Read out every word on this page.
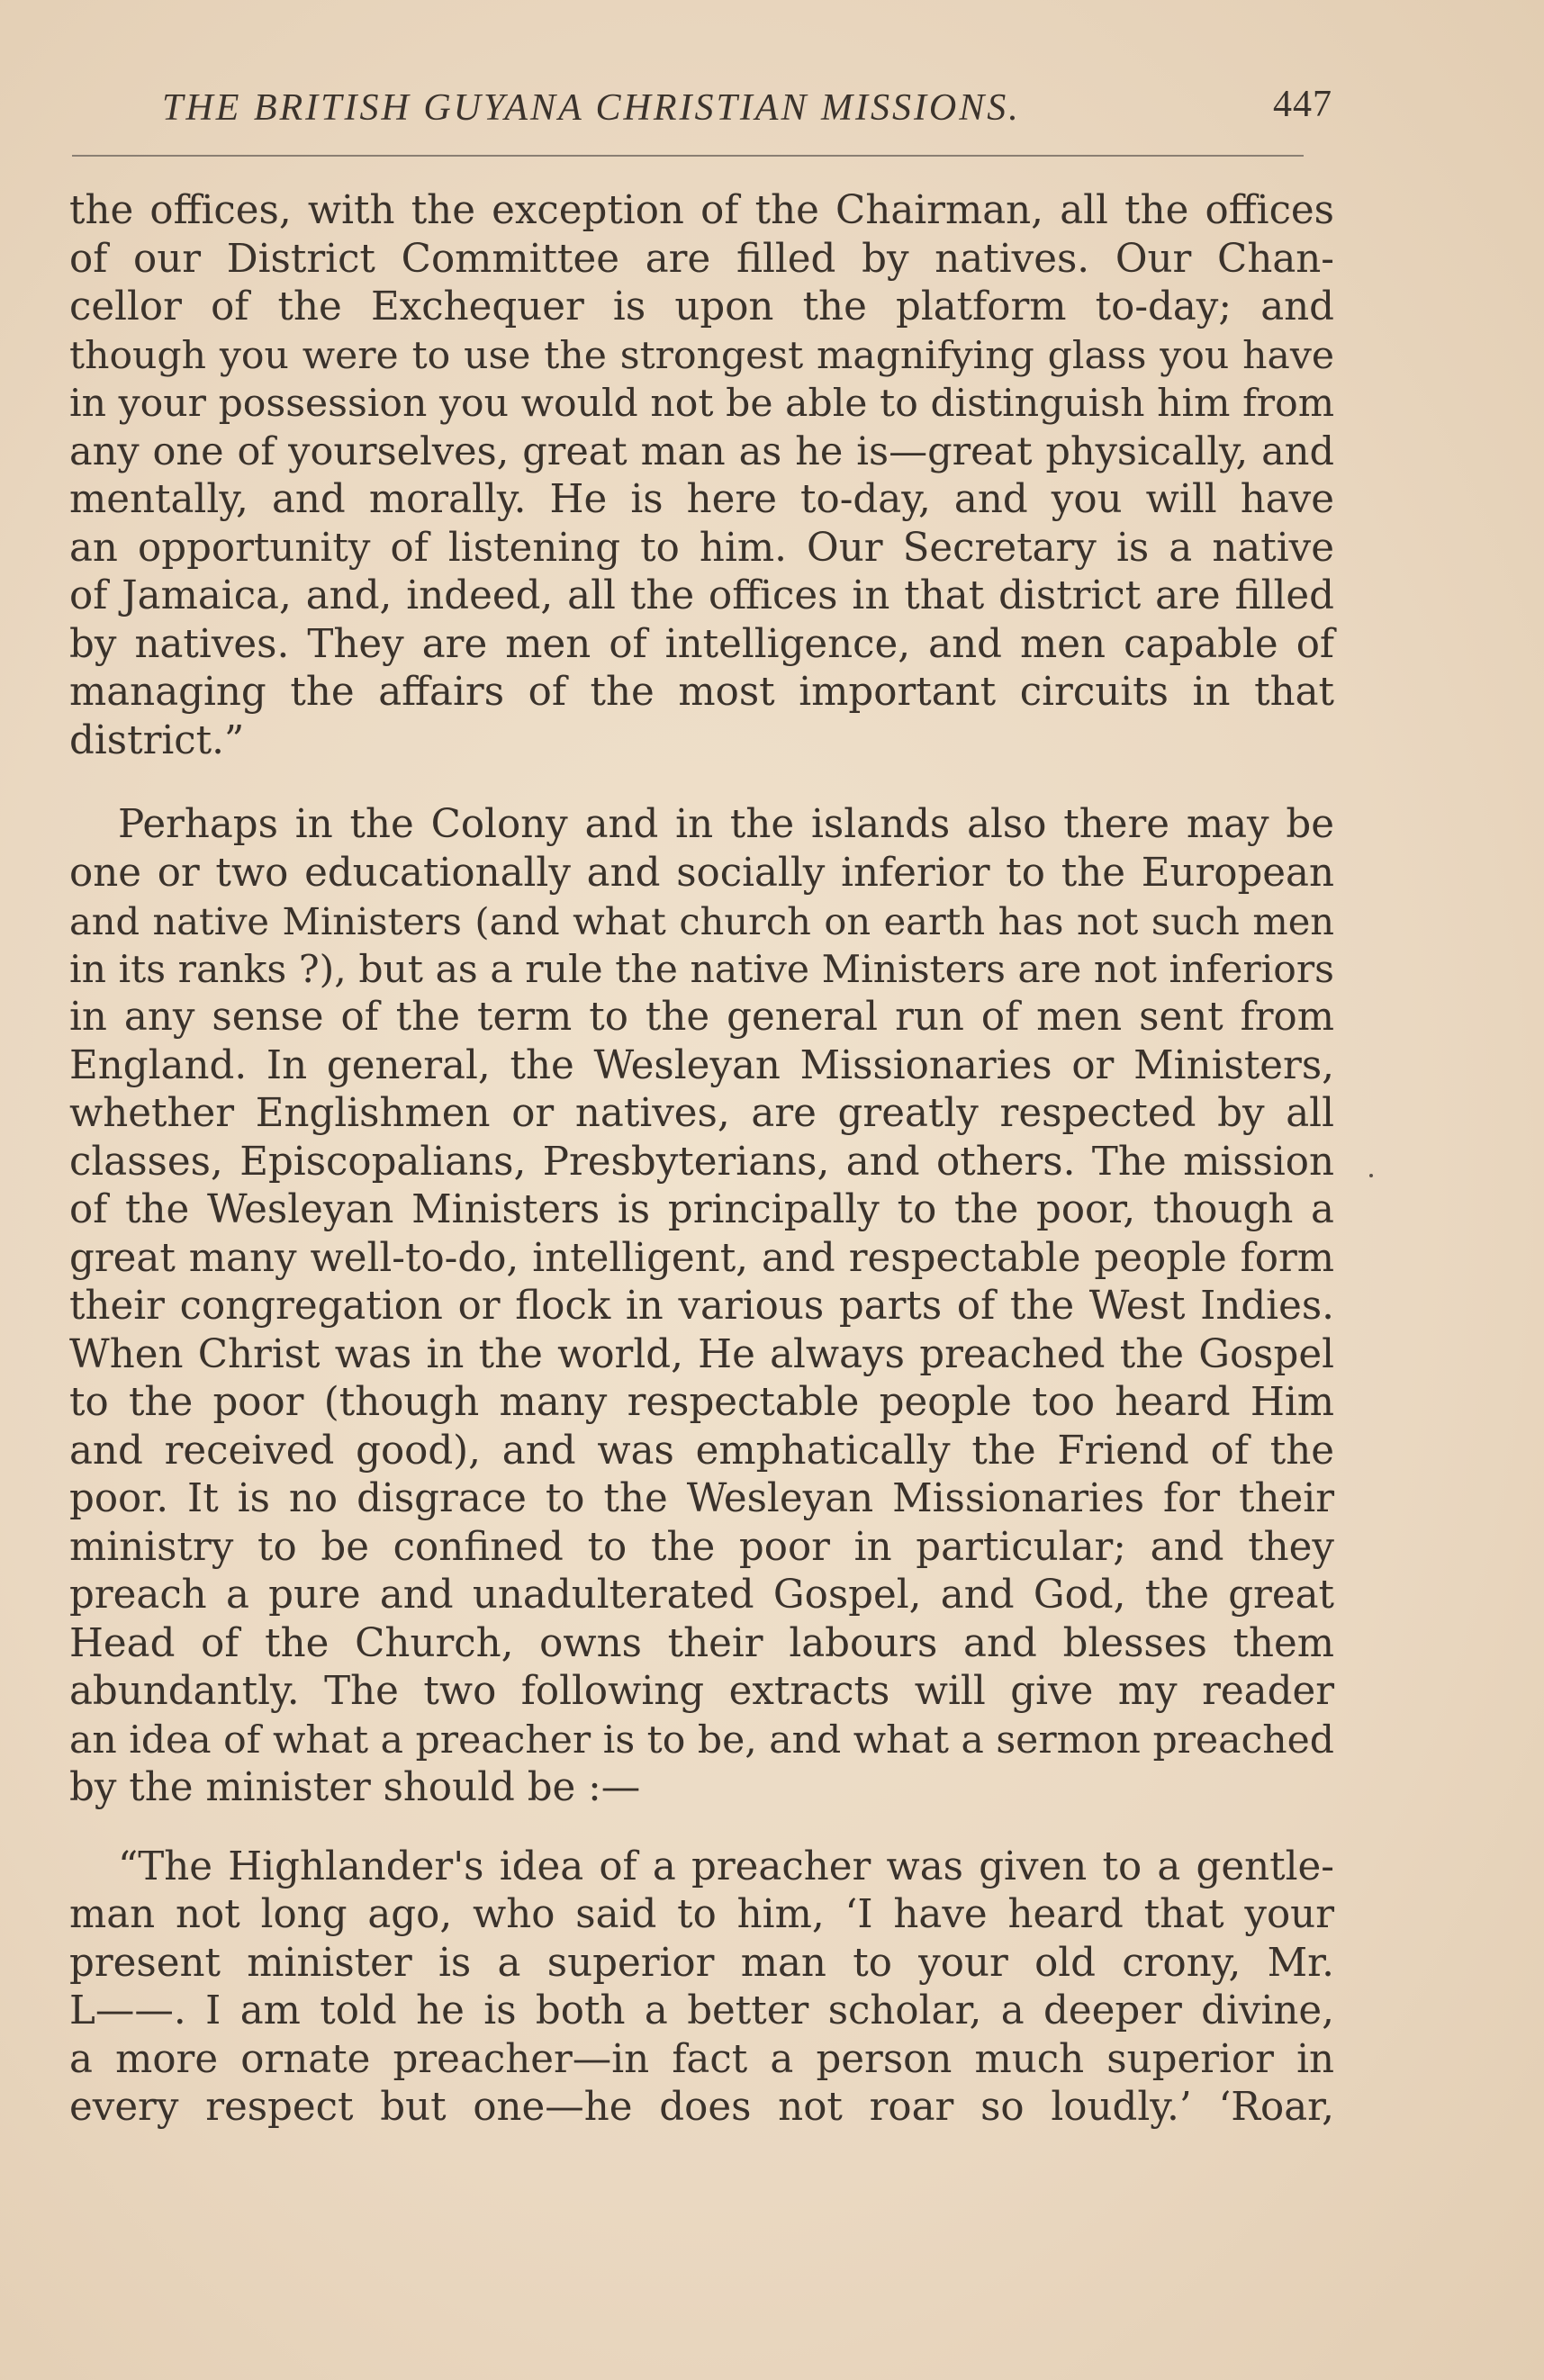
THE BRITISH GUYANA CHRISTIAN MISSIONS.	447
the offices, with the exception of the Chairman, all the offices
of our District Committee are filled by natives. Our Chan-
cellor of the Exchequer is upon the platform to-day; and
though you were to use the strongest magnifying glass you have
in your possession you would not be able to distinguish him from
any one of yourselves, great man as he is—great physically, and
mentally, and morally. He is here to-day, and you will have
an opportunity of listening to him. Our Secretary is a native
of Jamaica, and, indeed, all the offices in that district are filled
by natives. They are men of intelligence, and men capable of
managing the affairs of the most important circuits in that
district.”
Perhaps in the Colony and in the islands also there may be
one or two educationally and socially inferior to the European
and native Ministers (and what church on earth has not such men
in its ranks ?), but as a rule the native Ministers are not inferiors
in any sense of the term to the general run of men sent from
England. In general, the Wesleyan Missionaries or Ministers,
whether Englishmen or natives, are greatly respected by all
classes, Episcopalians, Presbyterians, and others. The mission
of the Wesleyan Ministers is principally to the poor, though a
great many well-to-do, intelligent, and respectable people form
their congregation or flock in various parts of the West Indies.
When Christ was in the world, He always preached the Gospel
to the poor (though many respectable people too heard Him
and received good), and was emphatically the Friend of the
poor. It is no disgrace to the Wesleyan Missionaries for their
ministry to be confined to the poor in particular; and they
preach a pure and unadulterated Gospel, and God, the great
Head of the Church, owns their labours and blesses them
abundantly. The two following extracts will give my reader
an idea of what a preacher is to be, and what a sermon preached
by the minister should be :—
“The Highlander's idea of a preacher was given to a gentle-
man not long ago, who said to him, ‘I have heard that your
present minister is a superior man to your old crony, Mr.
L——. I am told he is both a better scholar, a deeper divine,
a more ornate preacher—in fact a person much superior in
every respect but one—he does not roar so loudly.’ ‘Roar,
